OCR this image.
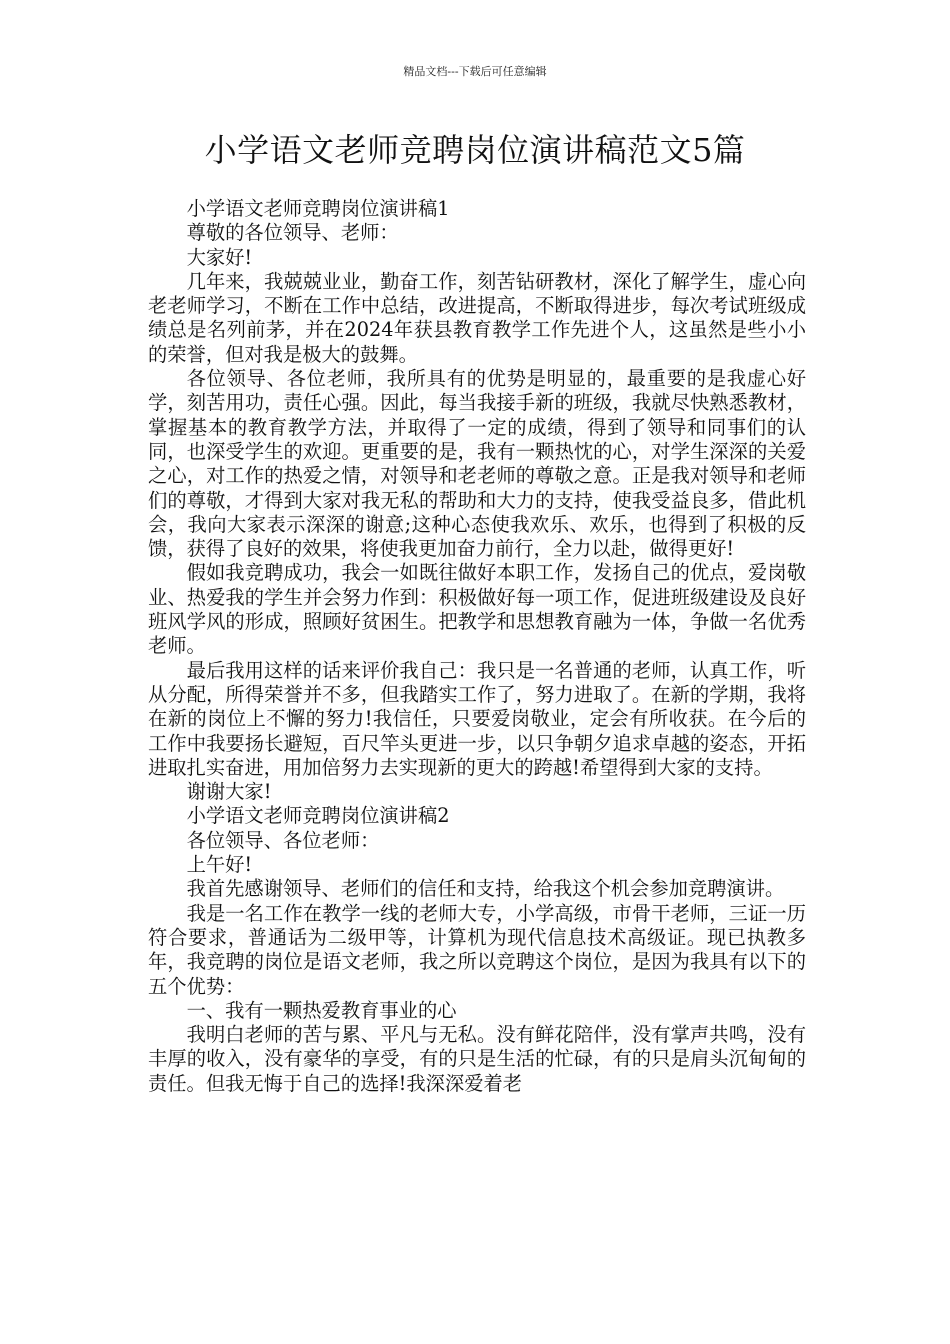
精品文档---下载后可任意编辑
小学语文老师竞聘岗位演讲稿范文5篇

小学语文老师竞聘岗位演讲稿1

尊敬的各位领导、老师：

大家好!

几年来，我兢兢业业，勤奋工作，刻苦钻研教材，深化了解学生，虚心向老老师学习，不断在工作中总结，改进提高，不断取得进步，每次考试班级成绩总是名列前茅，并在2024年获县教育教学工作先进个人，这虽然是些小小的荣誉，但对我是极大的鼓舞。

各位领导、各位老师，我所具有的优势是明显的，最重要的是我虚心好学，刻苦用功，责任心强。因此，每当我接手新的班级，我就尽快熟悉教材，掌握基本的教育教学方法，并取得了一定的成绩，得到了领导和同事们的认同，也深受学生的欢迎。更重要的是，我有一颗热忱的心，对学生深深的关爱之心，对工作的热爱之情，对领导和老老师的尊敬之意。正是我对领导和老师们的尊敬，才得到大家对我无私的帮助和大力的支持，使我受益良多，借此机会，我向大家表示深深的谢意;这种心态使我欢乐、欢乐，也得到了积极的反馈，获得了良好的效果，将使我更加奋力前行，全力以赴，做得更好!

假如我竞聘成功，我会一如既往做好本职工作，发扬自己的优点，爱岗敬业、热爱我的学生并会努力作到：积极做好每一项工作，促进班级建设及良好班风学风的形成，照顾好贫困生。把教学和思想教育融为一体，争做一名优秀老师。

最后我用这样的话来评价我自己：我只是一名普通的老师，认真工作，听从分配，所得荣誉并不多，但我踏实工作了，努力进取了。在新的学期，我将在新的岗位上不懈的努力!我信任，只要爱岗敬业，定会有所收获。在今后的工作中我要扬长避短，百尺竿头更进一步，以只争朝夕追求卓越的姿态，开拓进取扎实奋进，用加倍努力去实现新的更大的跨越!希望得到大家的支持。

谢谢大家!

小学语文老师竞聘岗位演讲稿2

各位领导、各位老师：

上午好!

我首先感谢领导、老师们的信任和支持，给我这个机会参加竞聘演讲。

我是一名工作在教学一线的老师大专，小学高级，市骨干老师，三证一历符合要求，普通话为二级甲等，计算机为现代信息技术高级证。现已执教多年，我竞聘的岗位是语文老师，我之所以竞聘这个岗位，是因为我具有以下的五个优势：

一、我有一颗热爱教育事业的心

我明白老师的苦与累、平凡与无私。没有鲜花陪伴，没有掌声共鸣，没有丰厚的收入，没有豪华的享受，有的只是生活的忙碌，有的只是肩头沉甸甸的责任。但我无悔于自己的选择!我深深爱着老
